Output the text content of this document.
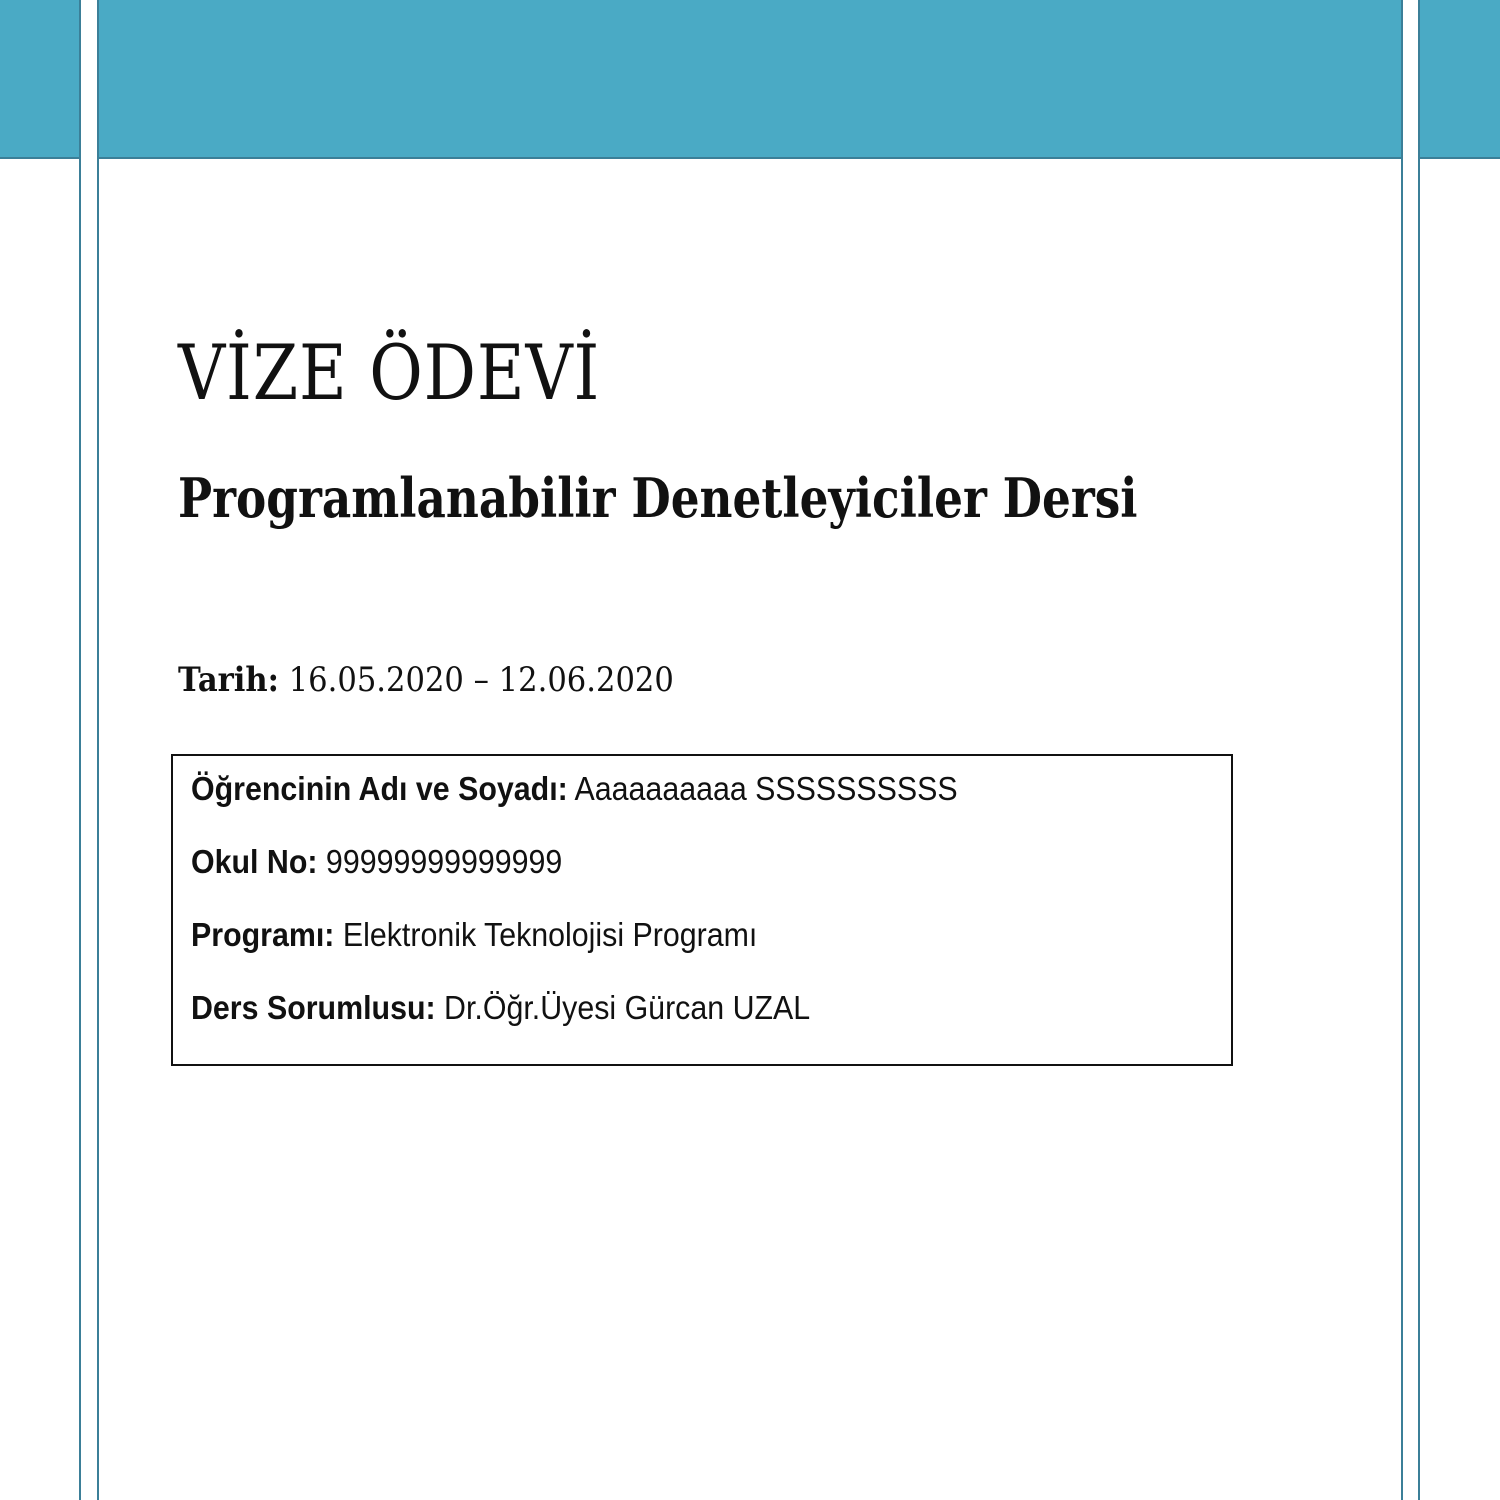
VİZE ÖDEVİ
Programlanabilir Denetleyiciler Dersi
Tarih: 16.05.2020 – 12.06.2020
Öğrencinin Adı ve Soyadı: Aaaaaaaaaa SSSSSSSSSS
Okul No: 99999999999999
Programı: Elektronik Teknolojisi Programı
Ders Sorumlusu: Dr.Öğr.Üyesi Gürcan UZAL
